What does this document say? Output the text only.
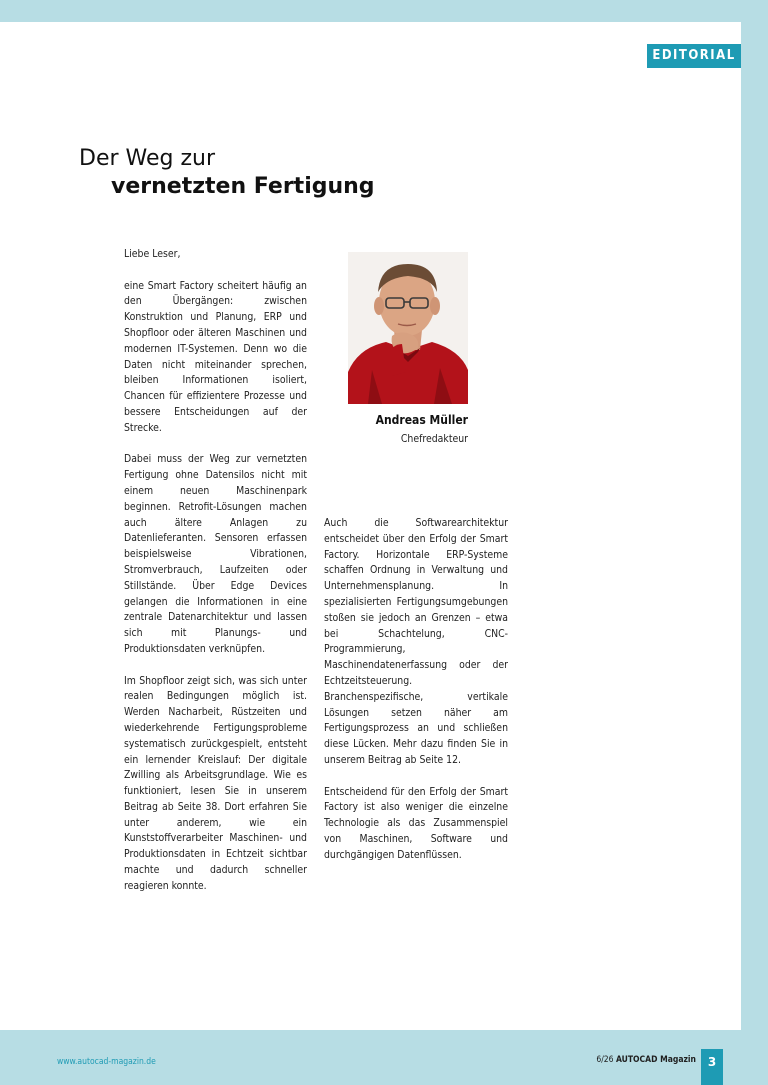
EDITORIAL
Der Weg zur
vernetzten Fertigung

Liebe Leser,

eine Smart Factory scheitert häufig an den Übergängen: zwischen Konstruktion und Planung, ERP und Shopfloor oder älteren Maschinen und modernen IT-Systemen. Denn wo die Daten nicht miteinander sprechen, bleiben Informationen isoliert, Chancen für effizientere Prozesse und bessere Entscheidungen auf der Strecke.

Dabei muss der Weg zur vernetzten Fertigung ohne Datensilos nicht mit einem neuen Maschinenpark beginnen. Retrofit-Lösungen machen auch ältere Anlagen zu Datenlieferanten. Sensoren erfassen beispielsweise Vibrationen, Stromverbrauch, Laufzeiten oder Stillstände. Über Edge Devices gelangen die Informationen in eine zentrale Datenarchitektur und lassen sich mit Planungs- und Produktionsdaten verknüpfen.

Im Shopfloor zeigt sich, was sich unter realen Bedingungen möglich ist. Werden Nacharbeit, Rüstzeiten und wiederkehrende Fertigungsprobleme systematisch zurückgespielt, entsteht ein lernender Kreislauf: Der digitale Zwilling als Arbeitsgrundlage. Wie es funktioniert, lesen Sie in unserem Beitrag ab Seite 38. Dort erfahren Sie unter anderem, wie ein Kunststoffverarbeiter Maschinen- und Produktionsdaten in Echtzeit sichtbar machte und dadurch schneller reagieren konnte.

Andreas Müller
Chefredakteur

Auch die Softwarearchitektur entscheidet über den Erfolg der Smart Factory. Horizontale ERP-Systeme schaffen Ordnung in Verwaltung und Unternehmensplanung. In spezialisierten Fertigungsumgebungen stoßen sie jedoch an Grenzen – etwa bei Schachtelung, CNC-Programmierung, Maschinendatenerfassung oder der Echtzeitsteuerung. Branchenspezifische, vertikale Lösungen setzen näher am Fertigungsprozess an und schließen diese Lücken. Mehr dazu finden Sie in unserem Beitrag ab Seite 12.

Entscheidend für den Erfolg der Smart Factory ist also weniger die einzelne Technologie als das Zusammenspiel von Maschinen, Software und durchgängigen Datenflüssen.

www.autocad-magazin.de	6/26 AUTOCAD Magazin 3
